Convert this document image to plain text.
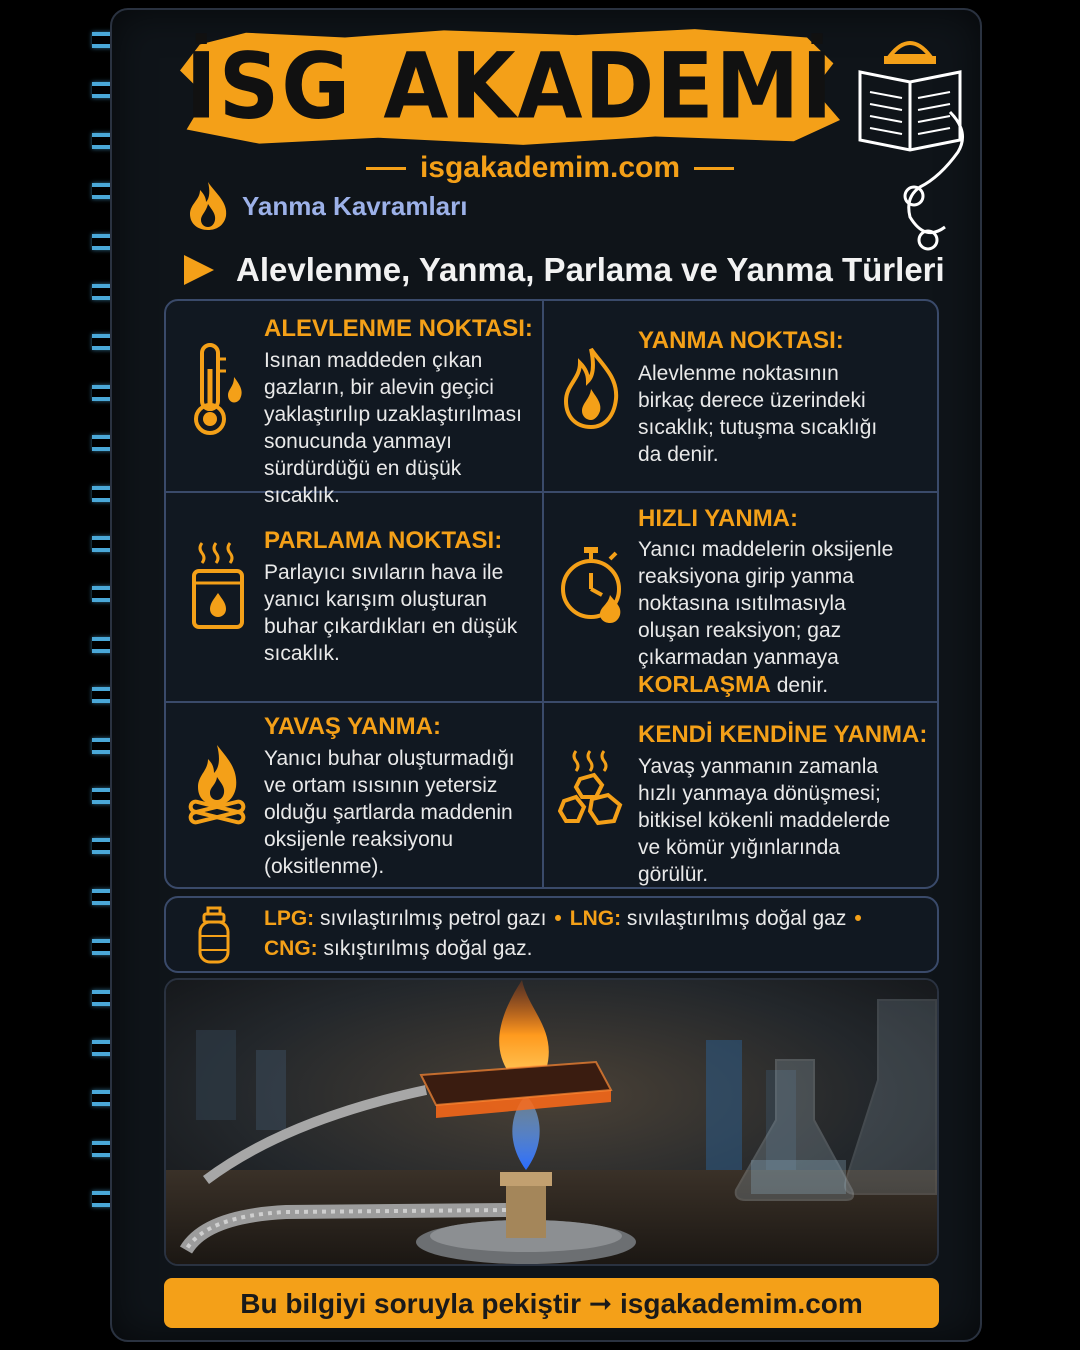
İSG AKADEMİ
isgakademim.com
Yanma Kavramları
Alevlenme, Yanma, Parlama ve Yanma Türleri
ALEVLENME NOKTASI:
Isınan maddeden çıkan
gazların, bir alevin geçici
yaklaştırılıp uzaklaştırılması
sonucunda yanmayı
sürdürdüğü en düşük sıcaklık.
YANMA NOKTASI:
Alevlenme noktasının
birkaç derece üzerindeki
sıcaklık; tutuşma sıcaklığı
da denir.
PARLAMA NOKTASI:
Parlayıcı sıvıların hava ile
yanıcı karışım oluşturan
buhar çıkardıkları en düşük
sıcaklık.
HIZLI YANMA:
Yanıcı maddelerin oksijenle
reaksiyona girip yanma
noktasına ısıtılmasıyla
oluşan reaksiyon; gaz
çıkarmadan yanmaya
KORLAŞMA denir.
YAVAŞ YANMA:
Yanıcı buhar oluşturmadığı
ve ortam ısısının yetersiz
olduğu şartlarda maddenin
oksijenle reaksiyonu
(oksitlenme).
KENDİ KENDİNE YANMA:
Yavaş yanmanın zamanla
hızlı yanmaya dönüşmesi;
bitkisel kökenli maddelerde
ve kömür yığınlarında
görülür.
LPG: sıvılaştırılmış petrol gazı • LNG: sıvılaştırılmış doğal gaz •
CNG: sıkıştırılmış doğal gaz.
Bu bilgiyi soruyla pekiştir ➞ isgakademim.com
